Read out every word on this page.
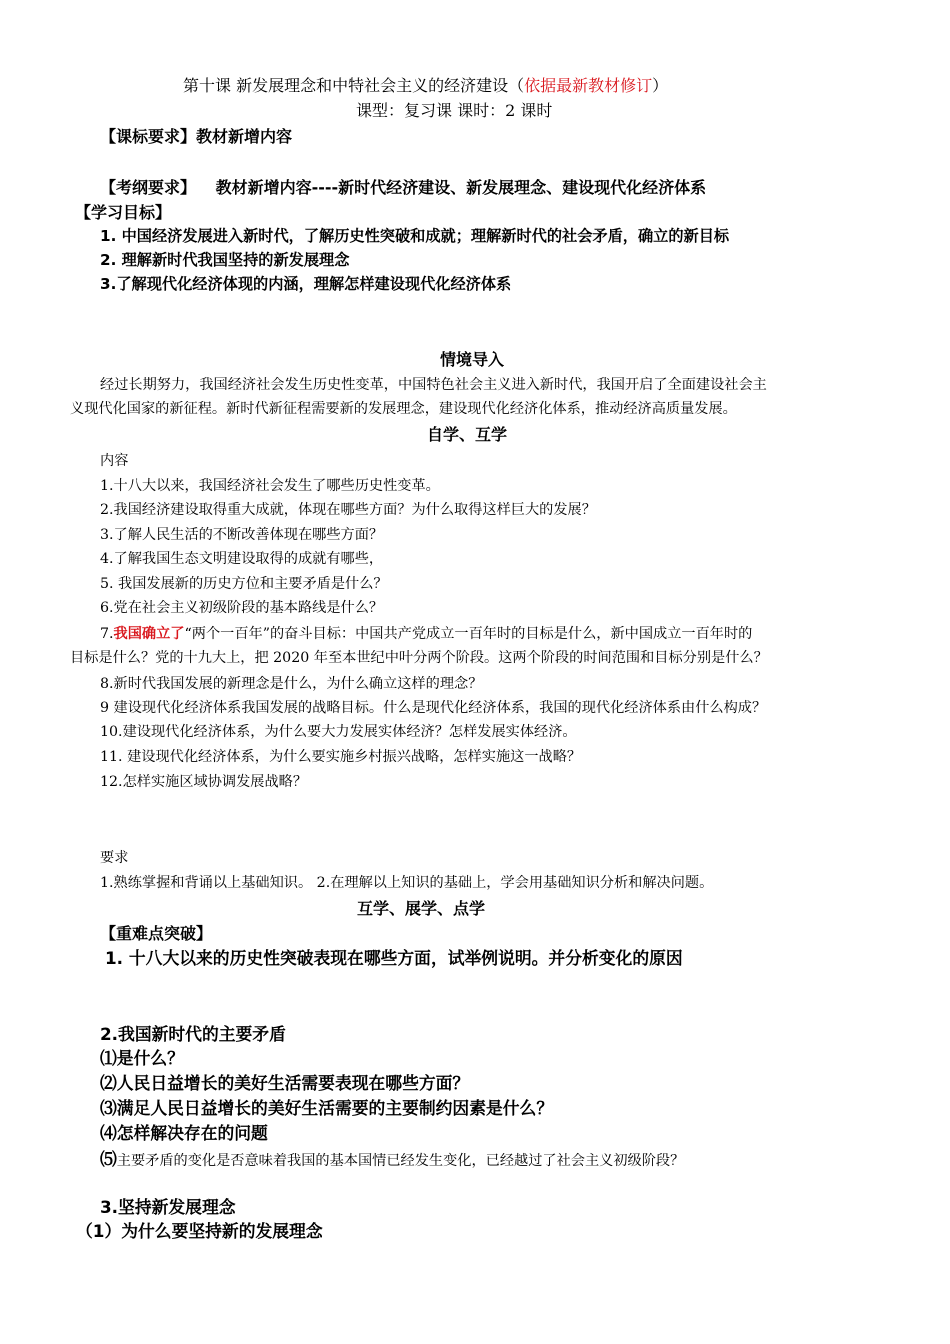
第十课 新发展理念和中特社会主义的经济建设（依据最新教材修订）
课型：复习课 课时：2 课时
【课标要求】教材新增内容
【考纲要求】 教材新增内容----新时代经济建设、新发展理念、建设现代化经济体系
【学习目标】
1. 中国经济发展进入新时代，了解历史性突破和成就；理解新时代的社会矛盾，确立的新目标
2. 理解新时代我国坚持的新发展理念
3.了解现代化经济体现的内涵，理解怎样建设现代化经济体系
情境导入
经过长期努力，我国经济社会发生历史性变革，中国特色社会主义进入新时代，我国开启了全面建设社会主
义现代化国家的新征程。新时代新征程需要新的发展理念，建设现代化经济化体系，推动经济高质量发展。
自学、互学
内容
1.十八大以来，我国经济社会发生了哪些历史性变革。
2.我国经济建设取得重大成就，体现在哪些方面？为什么取得这样巨大的发展？
3.了解人民生活的不断改善体现在哪些方面？
4.了解我国生态文明建设取得的成就有哪些，
5. 我国发展新的历史方位和主要矛盾是什么？
6.党在社会主义初级阶段的基本路线是什么？
7.我国确立了“两个一百年”的奋斗目标：中国共产党成立一百年时的目标是什么，新中国成立一百年时的
目标是什么？党的十九大上，把 2020 年至本世纪中叶分两个阶段。这两个阶段的时间范围和目标分别是什么？
8.新时代我国发展的新理念是什么，为什么确立这样的理念？
9 建设现代化经济体系我国发展的战略目标。什么是现代化经济体系，我国的现代化经济体系由什么构成？
10.建设现代化经济体系，为什么要大力发展实体经济？怎样发展实体经济。
11. 建设现代化经济体系，为什么要实施乡村振兴战略，怎样实施这一战略？
12.怎样实施区域协调发展战略？
要求
1.熟练掌握和背诵以上基础知识。 2.在理解以上知识的基础上，学会用基础知识分析和解决问题。
互学、展学、点学
【重难点突破】
1. 十八大以来的历史性突破表现在哪些方面，试举例说明。并分析变化的原因
2.我国新时代的主要矛盾
⑴是什么？
⑵人民日益增长的美好生活需要表现在哪些方面？
⑶满足人民日益增长的美好生活需要的主要制约因素是什么？
⑷怎样解决存在的问题
⑸主要矛盾的变化是否意味着我国的基本国情已经发生变化，已经越过了社会主义初级阶段？
3.坚持新发展理念
（1）为什么要坚持新的发展理念
